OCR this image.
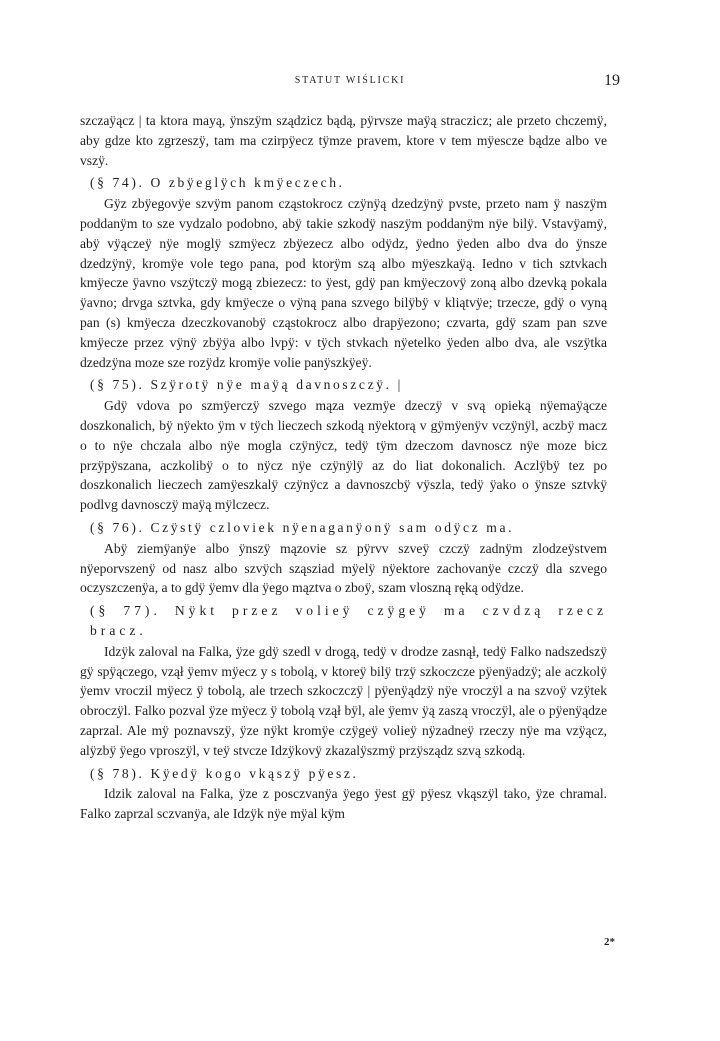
STATUT WIŚLICKI	19

szczaÿącz | ta ktora mayą, ÿnszÿm sządzicz bądą, pÿrvsze maÿą straczicz; ale przeto chczemÿ, aby gdze kto zgrzeszÿ, tam ma czirpÿecz tÿmze pravem, ktore v tem mÿescze bądze albo ve vszÿ.

(§ 74). O zbÿeglÿch kmÿeczech.

Gÿz zbÿegovÿe szvÿm panom cząstokrocz czÿnÿą dzedzÿnÿ pvste, przeto nam ÿ naszÿm poddanÿm to sze vydzalo podobno, abÿ takie szkodÿ naszÿm poddanÿm nÿe bilÿ. Vstavÿamÿ, abÿ vÿączeÿ nÿe moglÿ szmÿecz zbÿezecz albo odÿdz, ÿedno ÿeden albo dva do ÿnsze dzedzÿnÿ, kromÿe vole tego pana, pod ktorÿm szą albo mÿeszkaÿą. Iedno v tich sztvkach kmÿecze ÿavno vszÿtczÿ mogą zbiezecz: to ÿest, gdÿ pan kmÿeczovÿ zoną albo dzevką pokala ÿavno; drvga sztvka, gdy kmÿecze o vÿną pana szvego bilÿbÿ v kliątvÿe; trzecze, gdÿ o vyną pan (s) kmÿecza dzeczkovanobÿ cząstokrocz albo drapÿezono; czvarta, gdÿ szam pan szve kmÿecze przez vÿnÿ zbÿÿa albo lvpÿ: v tÿch stvkach nÿetelko ÿeden albo dva, ale vszÿtka dzedzÿna moze sze rozÿdz kromÿe volie panÿszkÿeÿ.

(§ 75). Szÿrotÿ nÿe maÿą davnoszczÿ. |

Gdÿ vdova po szmÿerczÿ szvego mąza vezmÿe dzeczÿ v svą opieką nÿemaÿącze doszkonalich, bÿ nÿekto ÿm v tÿch lieczech szkodą nÿektorą v gÿmÿenÿv vczÿnÿl, aczbÿ macz o to nÿe chczala albo nÿe mogla czÿnÿcz, tedÿ tÿm dzeczom davnoscz nÿe moze bicz przÿpÿszana, aczkolibÿ o to nÿcz nÿe czÿnÿlÿ az do liat dokonalich. Aczlÿbÿ tez po doszkonalich lieczech zamÿeszkalÿ czÿnÿcz a davnoszcbÿ vÿszla, tedÿ ÿako o ÿnsze sztvkÿ podlvg davnosczÿ maÿą mÿlczecz.

(§ 76). Czÿstÿ czloviek nÿenaganÿonÿ sam odÿcz ma.

Abÿ ziemÿanÿe albo ÿnszÿ mązovie sz pÿrvv szveÿ czczÿ zadnÿm zlodzeÿstvem nÿeporvszenÿ od nasz albo szvÿch sząsziad mÿelÿ nÿektore zachovanÿe czczÿ dla szvego oczyszczenÿa, a to gdÿ ÿemv dla ÿego mąztva o zboÿ, szam vloszną ręką odÿdze.

(§ 77). Nÿkt przez volieÿ czÿgeÿ ma czvdzą rzecz bracz.

Idzÿk zaloval na Falka, ÿze gdÿ szedl v drogą, tedÿ v drodze zasnął, tedÿ Falko nadszedszÿ gÿ spÿączego, vzął ÿemv mÿecz y s tobolą, v ktoreÿ bilÿ trzÿ szkoczcze pÿenÿadzÿ; ale aczkolÿ ÿemv vroczil mÿecz ÿ tobolą, ale trzech szkoczczÿ | pÿenÿądzÿ nÿe vroczÿl a na szvoÿ vzÿtek obroczÿl. Falko pozval ÿze mÿecz ÿ tobolą vzął bÿl, ale ÿemv ÿą zaszą vroczÿl, ale o pÿenÿądze zaprzal. Ale mÿ poznavszÿ, ÿze nÿkt kromÿe czÿgeÿ volieÿ nÿzadneÿ rzeczy nÿe ma vzÿącz, alÿzbÿ ÿego vproszÿl, v teÿ stvcze Idzÿkovÿ zkazalÿszmÿ przÿsządz szvą szkodą.

(§ 78). Kÿedÿ kogo vkąszÿ pÿesz.

Idzik zaloval na Falka, ÿze z posczvanÿa ÿego ÿest gÿ pÿesz vkąszÿl tako, ÿze chramal. Falko zaprzal sczvanÿa, ale Idzÿk nÿe mÿal kÿm

2*
